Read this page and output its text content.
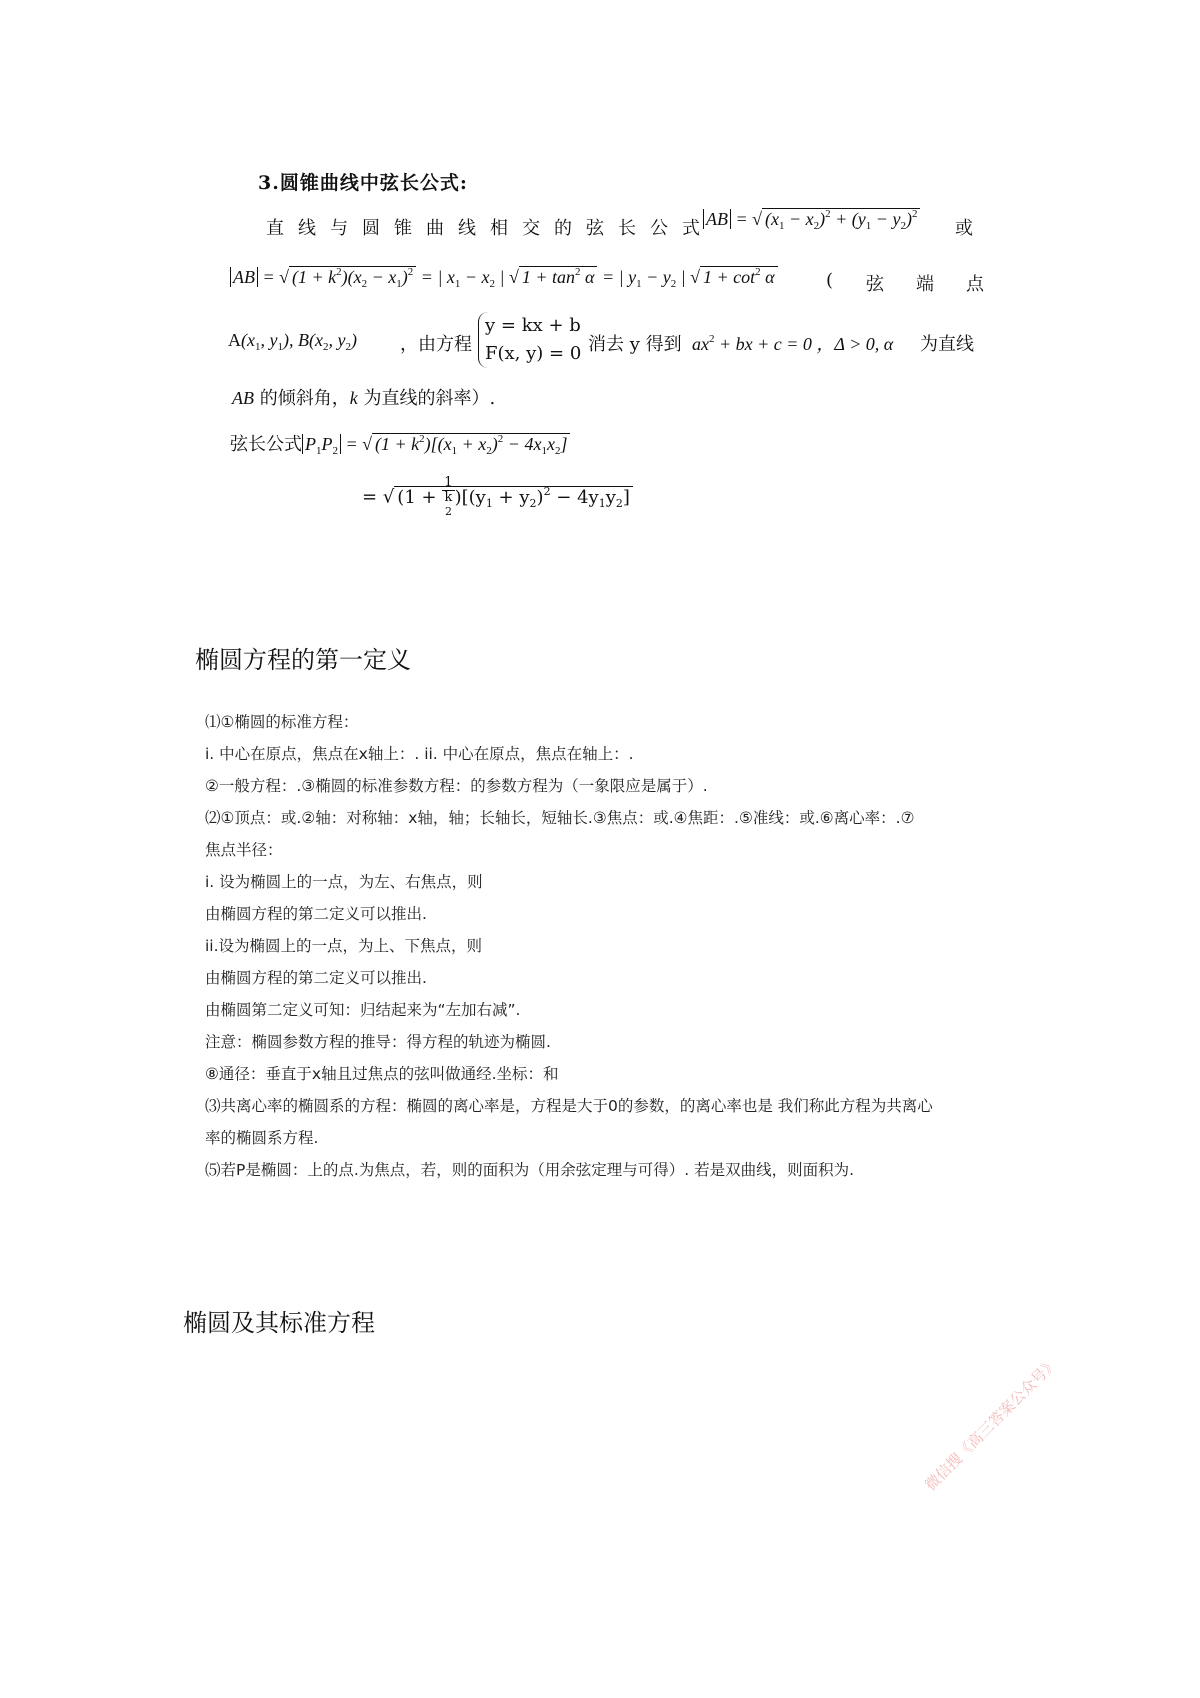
3.圆锥曲线中弦长公式:
直线与圆锥曲线相交的弦长公式
AB = √ $(x_1 - x_2)^2 + (y_1 - y_2)^2$
或
AB = √ $(1 + k^2)(x_2 - x_1)^2$ = | $x_1 - x_2$ | √ $1 + \tan^2 \alpha$ = | $y_1 - y_2$ | √ $1 + \cot^2 \alpha$	( 弦端点
$A(x_1$, $y_1$), $B(x_2$, $y_2$) ，由方程
y = kx + b
F(x, y) = 0 消去 y 得到 $ax^2$ + bx + c = 0 ，Δ > 0, α 为直线
AB 的倾斜角，k 为直线的斜率）.
弦长公式 $P_1P_2$ = √ $(1 + k^2)[(x_1 + x_2)^2 - 4x_1x_2]$
= √ (1 + 1
k
2 )$[(y_1 + y_2)^2 - 4y_1y_2]$
椭圆方程的第一定义
⑴①椭圆的标准方程：
i. 中心在原点，焦点在x轴上：. ii. 中心在原点，焦点在轴上：.
②一般方程：.③椭圆的标准参数方程：的参数方程为（一象限应是属于）.
⑵①顶点：或.②轴：对称轴：x轴，轴；长轴长，短轴长.③焦点：或.④焦距：.⑤准线：或.⑥离心率：.⑦
焦点半径：
i. 设为椭圆上的一点，为左、右焦点，则
由椭圆方程的第二定义可以推出.
ii.设为椭圆上的一点，为上、下焦点，则
由椭圆方程的第二定义可以推出.
由椭圆第二定义可知：归结起来为“左加右减”.
注意：椭圆参数方程的推导：得方程的轨迹为椭圆.
⑧通径：垂直于x轴且过焦点的弦叫做通经.坐标：和
⑶共离心率的椭圆系的方程：椭圆的离心率是，方程是大于0的参数，的离心率也是 我们称此方程为共离心
率的椭圆系方程.
⑸若P是椭圆：上的点.为焦点，若，则的面积为（用余弦定理与可得）. 若是双曲线，则面积为.
椭圆及其标准方程
微信搜《高三答案公众号》
